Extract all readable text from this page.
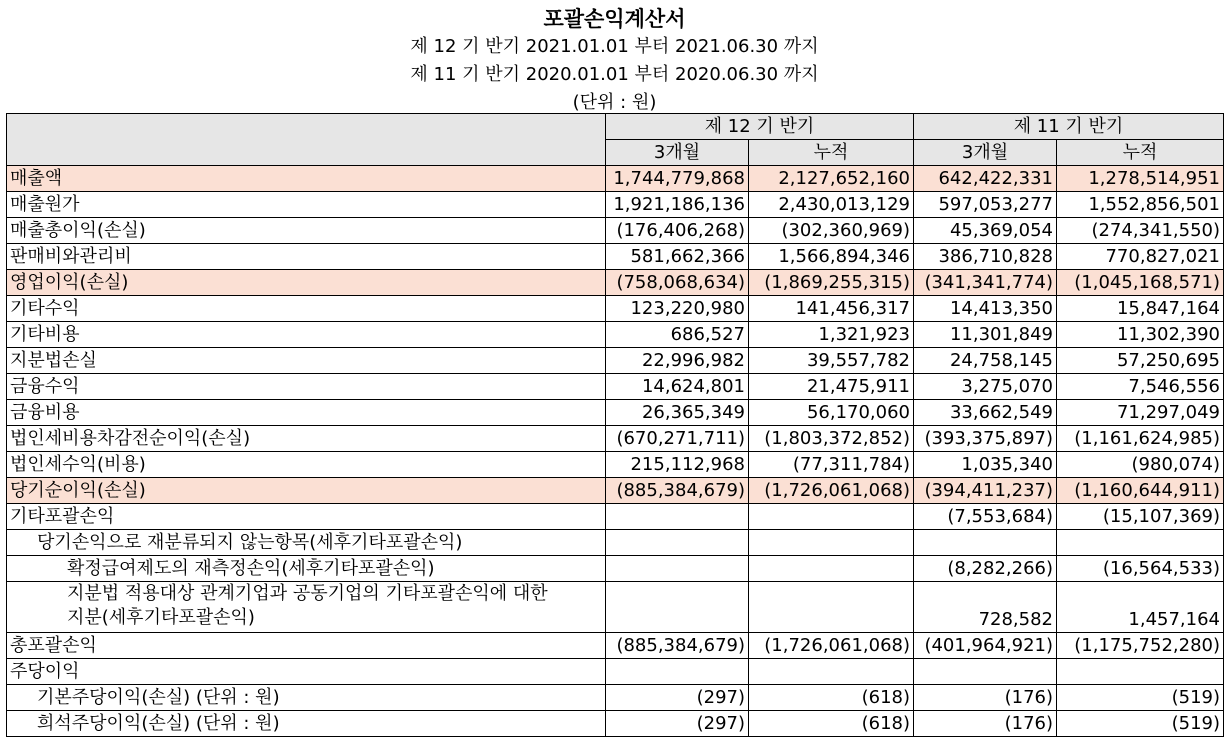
포괄손익계산서
제 12 기 반기 2021.01.01 부터 2021.06.30 까지
제 11 기 반기 2020.01.01 부터 2020.06.30 까지
(단위 : 원)
	제 12 기 반기		제 11 기 반기	
	3개월	누적	3개월	누적
매출액	1,744,779,868	2,127,652,160	642,422,331	1,278,514,951
매출원가	1,921,186,136	2,430,013,129	597,053,277	1,552,856,501
매출총이익(손실)	(176,406,268)	(302,360,969)	45,369,054	(274,341,550)
판매비와관리비	581,662,366	1,566,894,346	386,710,828	770,827,021
영업이익(손실)	(758,068,634)	(1,869,255,315)	(341,341,774)	(1,045,168,571)
기타수익	123,220,980	141,456,317	14,413,350	15,847,164
기타비용	686,527	1,321,923	11,301,849	11,302,390
지분법손실	22,996,982	39,557,782	24,758,145	57,250,695
금융수익	14,624,801	21,475,911	3,275,070	7,546,556
금융비용	26,365,349	56,170,060	33,662,549	71,297,049
법인세비용차감전순이익(손실)	(670,271,711)	(1,803,372,852)	(393,375,897)	(1,161,624,985)
법인세수익(비용)	215,112,968	(77,311,784)	1,035,340	(980,074)
당기순이익(손실)	(885,384,679)	(1,726,061,068)	(394,411,237)	(1,160,644,911)
기타포괄손익			(7,553,684)	(15,107,369)
당기손익으로 재분류되지 않는항목(세후기타포괄손익)				
확정급여제도의 재측정손익(세후기타포괄손익)			(8,282,266)	(16,564,533)
지분법 적용대상 관계기업과 공동기업의 기타포괄손익에 대한 지분(세후기타포괄손익)			728,582	1,457,164
총포괄손익	(885,384,679)	(1,726,061,068)	(401,964,921)	(1,175,752,280)
주당이익				
기본주당이익(손실) (단위 : 원)	(297)	(618)	(176)	(519)
희석주당이익(손실) (단위 : 원)	(297)	(618)	(176)	(519)
